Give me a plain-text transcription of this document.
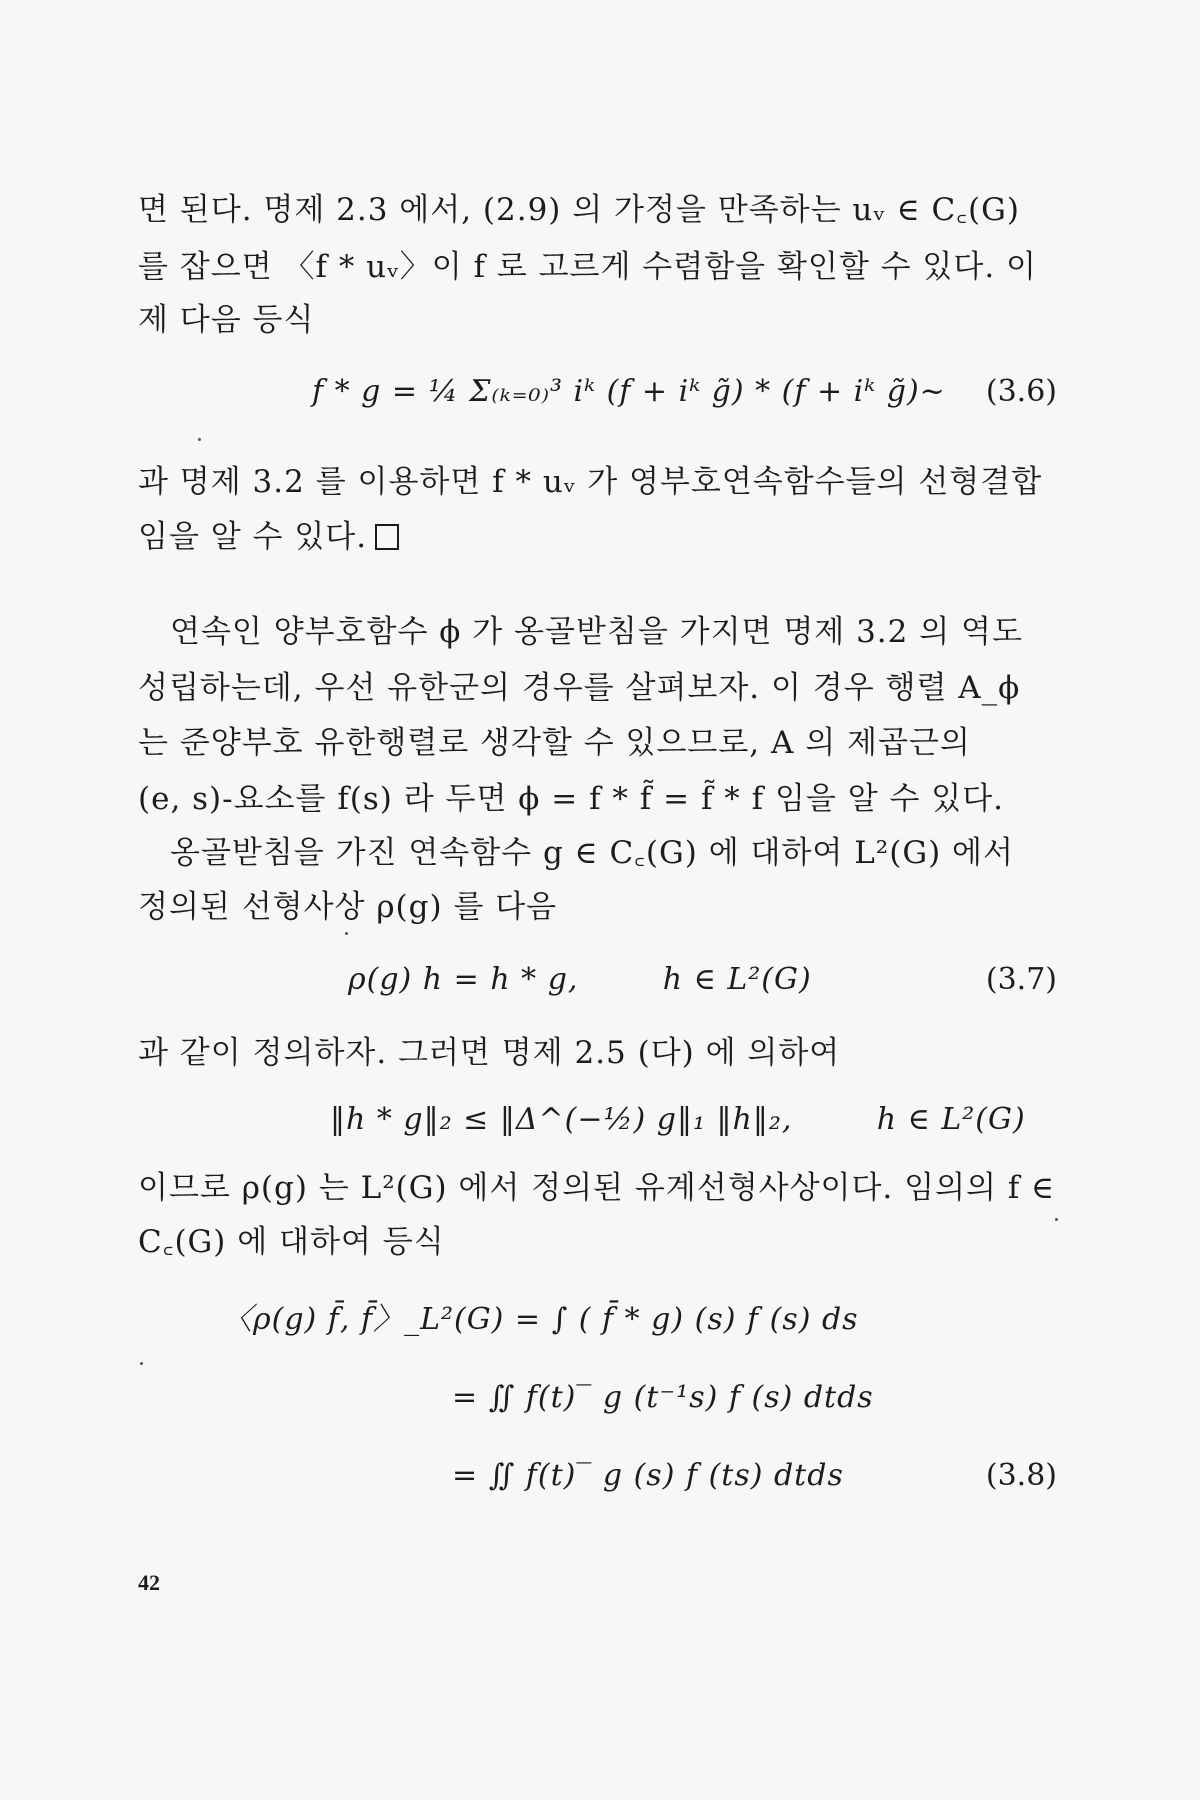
면 된다. 명제 2.3 에서, (2.9) 의 가정을 만족하는 uᵥ ∈ C꜀(G)
를 잡으면 〈f * uᵥ〉이 f 로 고르게 수렴함을 확인할 수 있다. 이
제 다음 등식
f * g = ¼ Σ₍ₖ₌₀₎³ iᵏ (f + iᵏ g̃) * (f + iᵏ g̃)~	(3.6)
과 명제 3.2 를 이용하면 f * uᵥ 가 영부호연속함수들의 선형결합
임을 알 수 있다.
연속인 양부호함수 ϕ 가 옹골받침을 가지면 명제 3.2 의 역도
성립하는데, 우선 유한군의 경우를 살펴보자. 이 경우 행렬 A_ϕ
는 준양부호 유한행렬로 생각할 수 있으므로, A 의 제곱근의
(e, s)-요소를 f(s) 라 두면 ϕ = f * f̃ = f̃ * f 임을 알 수 있다.
옹골받침을 가진 연속함수 g ∈ C꜀(G) 에 대하여 L²(G) 에서
정의된 선형사상 ρ(g) 를 다음
ρ(g) h = h * g,        h ∈ L²(G)	(3.7)
과 같이 정의하자. 그러면 명제 2.5 (다) 에 의하여
‖h * g‖₂ ≤ ‖Δ^(−½) g‖₁ ‖h‖₂,        h ∈ L²(G)
이므로 ρ(g) 는 L²(G) 에서 정의된 유계선형사상이다. 임의의 f ∈
C꜀(G) 에 대하여 등식
〈ρ(g) f̄, f̄〉_L²(G) = ∫ ( f̄ * g) (s) f (s) ds
= ∬ f(t)‾ g (t⁻¹s) f (s) dtds
= ∬ f(t)‾ g (s) f (ts) dtds	(3.8)
42
